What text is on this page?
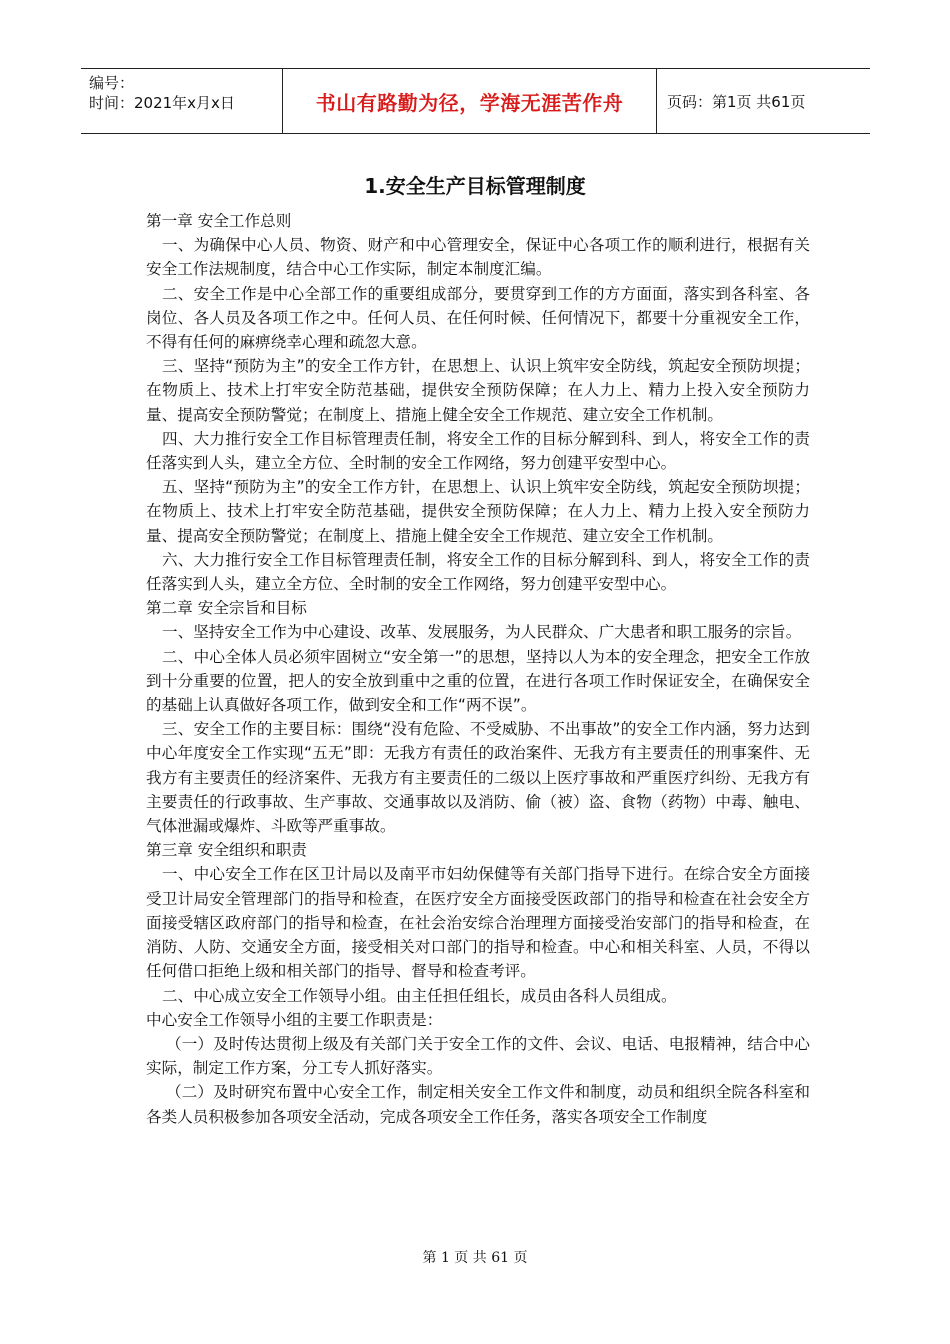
编号：
时间：2021年x月x日	书山有路勤为径，学海无涯苦作舟	页码：第1页 共61页
1.安全生产目标管理制度

第一章 安全工作总则

一、为确保中心人员、物资、财产和中心管理安全，保证中心各项工作的顺利进行，根据有关安全工作法规制度，结合中心工作实际，制定本制度汇编。

二、安全工作是中心全部工作的重要组成部分，要贯穿到工作的方方面面，落实到各科室、各岗位、各人员及各项工作之中。任何人员、在任何时候、任何情况下，都要十分重视安全工作，不得有任何的麻痹绕幸心理和疏忽大意。

三、坚持“预防为主”的安全工作方针，在思想上、认识上筑牢安全防线，筑起安全预防坝提；在物质上、技术上打牢安全防范基础，提供安全预防保障；在人力上、精力上投入安全预防力量、提高安全预防警觉；在制度上、措施上健全安全工作规范、建立安全工作机制。

四、大力推行安全工作目标管理责任制，将安全工作的目标分解到科、到人，将安全工作的责任落实到人头，建立全方位、全时制的安全工作网络，努力创建平安型中心。

五、坚持“预防为主”的安全工作方针，在思想上、认识上筑牢安全防线，筑起安全预防坝提；在物质上、技术上打牢安全防范基础，提供安全预防保障；在人力上、精力上投入安全预防力量、提高安全预防警觉；在制度上、措施上健全安全工作规范、建立安全工作机制。

六、大力推行安全工作目标管理责任制，将安全工作的目标分解到科、到人，将安全工作的责任落实到人头，建立全方位、全时制的安全工作网络，努力创建平安型中心。

第二章 安全宗旨和目标

一、坚持安全工作为中心建设、改革、发展服务，为人民群众、广大患者和职工服务的宗旨。

二、中心全体人员必须牢固树立“安全第一”的思想，坚持以人为本的安全理念，把安全工作放到十分重要的位置，把人的安全放到重中之重的位置，在进行各项工作时保证安全，在确保安全的基础上认真做好各项工作，做到安全和工作“两不误”。

三、安全工作的主要目标：围绕“没有危险、不受威胁、不出事故”的安全工作内涵，努力达到中心年度安全工作实现“五无”即：无我方有责任的政治案件、无我方有主要责任的刑事案件、无我方有主要责任的经济案件、无我方有主要责任的二级以上医疗事故和严重医疗纠纷、无我方有主要责任的行政事故、生产事故、交通事故以及消防、偷（被）盗、食物（药物）中毒、触电、气体泄漏或爆炸、斗欧等严重事故。

第三章 安全组织和职责

一、中心安全工作在区卫计局以及南平市妇幼保健等有关部门指导下进行。在综合安全方面接受卫计局安全管理部门的指导和检查，在医疗安全方面接受医政部门的指导和检查在社会安全方面接受辖区政府部门的指导和检查，在社会治安综合治理理方面接受治安部门的指导和检查，在消防、人防、交通安全方面，接受相关对口部门的指导和检查。中心和相关科室、人员，不得以任何借口拒绝上级和相关部门的指导、督导和检查考评。

二、中心成立安全工作领导小组。由主任担任组长，成员由各科人员组成。

中心安全工作领导小组的主要工作职责是：

（一）及时传达贯彻上级及有关部门关于安全工作的文件、会议、电话、电报精神，结合中心实际，制定工作方案，分工专人抓好落实。

（二）及时研究布置中心安全工作，制定相关安全工作文件和制度，动员和组织全院各科室和各类人员积极参加各项安全活动，完成各项安全工作任务，落实各项安全工作制度

第 1 页 共 61 页
